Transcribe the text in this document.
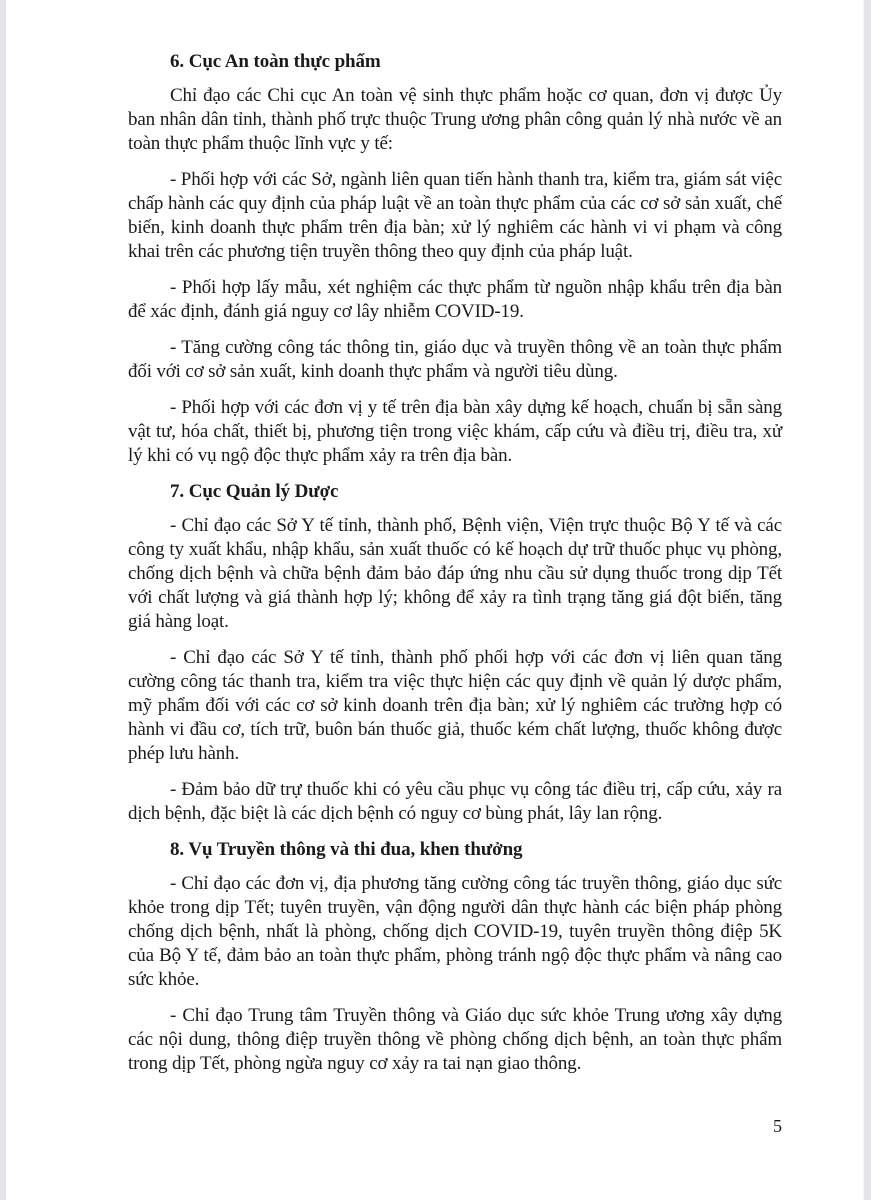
6. Cục An toàn thực phẩm

Chỉ đạo các Chi cục An toàn vệ sinh thực phẩm hoặc cơ quan, đơn vị được Ủy ban nhân dân tỉnh, thành phố trực thuộc Trung ương phân công quản lý nhà nước về an toàn thực phẩm thuộc lĩnh vực y tế:

- Phối hợp với các Sở, ngành liên quan tiến hành thanh tra, kiểm tra, giám sát việc chấp hành các quy định của pháp luật về an toàn thực phẩm của các cơ sở sản xuất, chế biến, kinh doanh thực phẩm trên địa bàn; xử lý nghiêm các hành vi vi phạm và công khai trên các phương tiện truyền thông theo quy định của pháp luật.

- Phối hợp lấy mẫu, xét nghiệm các thực phẩm từ nguồn nhập khẩu trên địa bàn để xác định, đánh giá nguy cơ lây nhiễm COVID-19.

- Tăng cường công tác thông tin, giáo dục và truyền thông về an toàn thực phẩm đối với cơ sở sản xuất, kinh doanh thực phẩm và người tiêu dùng.

- Phối hợp với các đơn vị y tế trên địa bàn xây dựng kế hoạch, chuẩn bị sẵn sàng vật tư, hóa chất, thiết bị, phương tiện trong việc khám, cấp cứu và điều trị, điều tra, xử lý khi có vụ ngộ độc thực phẩm xảy ra trên địa bàn.

7. Cục Quản lý Dược

- Chỉ đạo các Sở Y tế tỉnh, thành phố, Bệnh viện, Viện trực thuộc Bộ Y tế và các công ty xuất khẩu, nhập khẩu, sản xuất thuốc có kế hoạch dự trữ thuốc phục vụ phòng, chống dịch bệnh và chữa bệnh đảm bảo đáp ứng nhu cầu sử dụng thuốc trong dịp Tết với chất lượng và giá thành hợp lý; không để xảy ra tình trạng tăng giá đột biến, tăng giá hàng loạt.

- Chỉ đạo các Sở Y tế tỉnh, thành phố phối hợp với các đơn vị liên quan tăng cường công tác thanh tra, kiểm tra việc thực hiện các quy định về quản lý dược phẩm, mỹ phẩm đối với các cơ sở kinh doanh trên địa bàn; xử lý nghiêm các trường hợp có hành vi đầu cơ, tích trữ, buôn bán thuốc giả, thuốc kém chất lượng, thuốc không được phép lưu hành.

- Đảm bảo dữ trự thuốc khi có yêu cầu phục vụ công tác điều trị, cấp cứu, xảy ra dịch bệnh, đặc biệt là các dịch bệnh có nguy cơ bùng phát, lây lan rộng.

8. Vụ Truyền thông và thi đua, khen thưởng

- Chỉ đạo các đơn vị, địa phương tăng cường công tác truyền thông, giáo dục sức khỏe trong dịp Tết; tuyên truyền, vận động người dân thực hành các biện pháp phòng chống dịch bệnh, nhất là phòng, chống dịch COVID-19, tuyên truyền thông điệp 5K của Bộ Y tế, đảm bảo an toàn thực phẩm, phòng tránh ngộ độc thực phẩm và nâng cao sức khỏe.

- Chỉ đạo Trung tâm Truyền thông và Giáo dục sức khỏe Trung ương xây dựng các nội dung, thông điệp truyền thông về phòng chống dịch bệnh, an toàn thực phẩm trong dịp Tết, phòng ngừa nguy cơ xảy ra tai nạn giao thông.

5
